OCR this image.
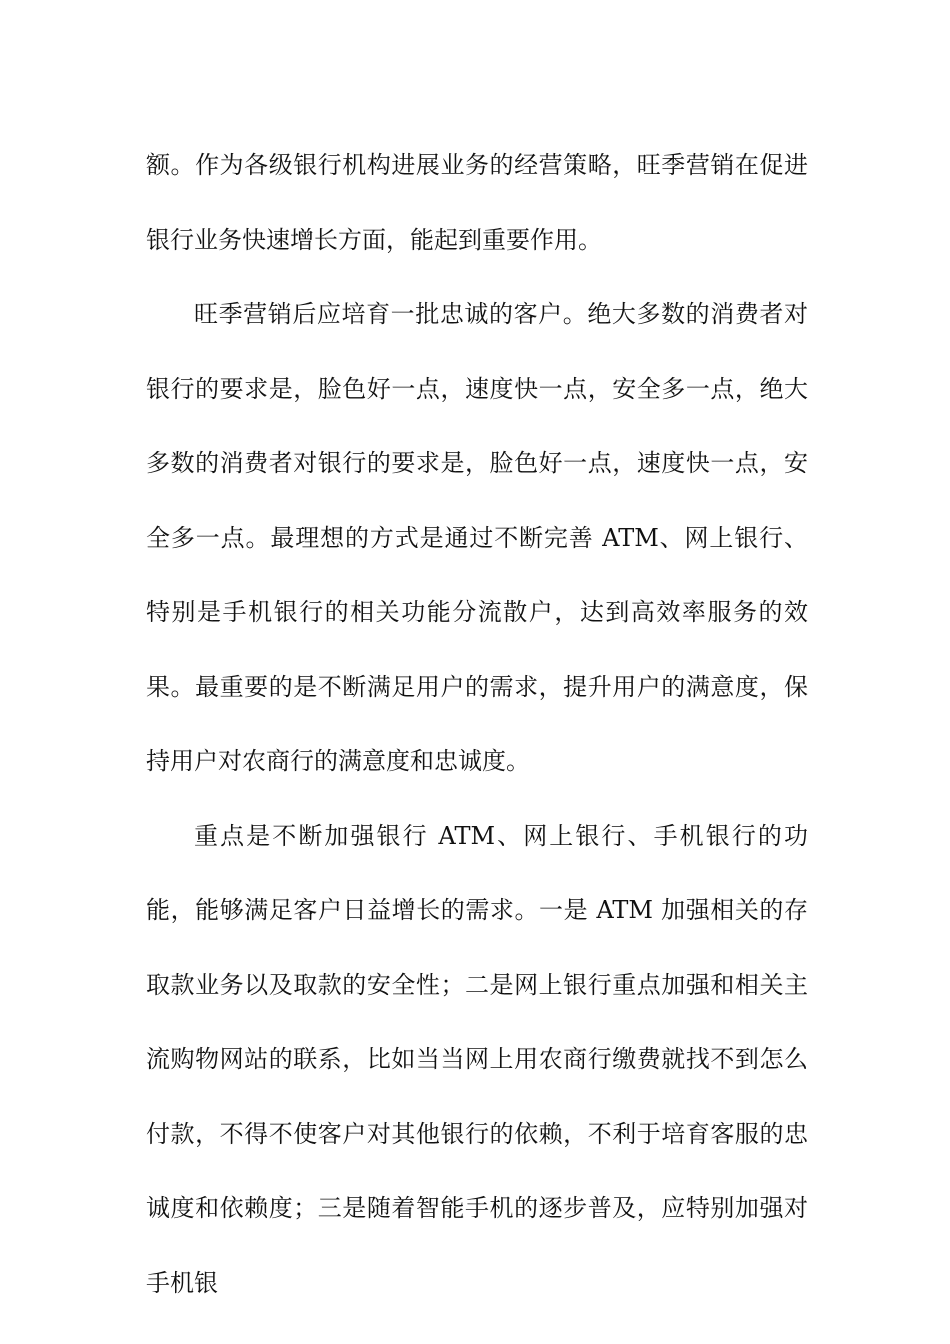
额。作为各级银行机构进展业务的经营策略，旺季营销在促进银行业务快速增长方面，能起到重要作用。

旺季营销后应培育一批忠诚的客户。绝大多数的消费者对银行的要求是，脸色好一点，速度快一点，安全多一点，绝大多数的消费者对银行的要求是，脸色好一点，速度快一点，安全多一点。最理想的方式是通过不断完善 ATM、网上银行、特别是手机银行的相关功能分流散户，达到高效率服务的效果。最重要的是不断满足用户的需求，提升用户的满意度，保持用户对农商行的满意度和忠诚度。

重点是不断加强银行 ATM、网上银行、手机银行的功能，能够满足客户日益增长的需求。一是 ATM 加强相关的存取款业务以及取款的安全性；二是网上银行重点加强和相关主流购物网站的联系，比如当当网上用农商行缴费就找不到怎么付款，不得不使客户对其他银行的依赖，不利于培育客服的忠诚度和依赖度；三是随着智能手机的逐步普及，应特别加强对手机银
